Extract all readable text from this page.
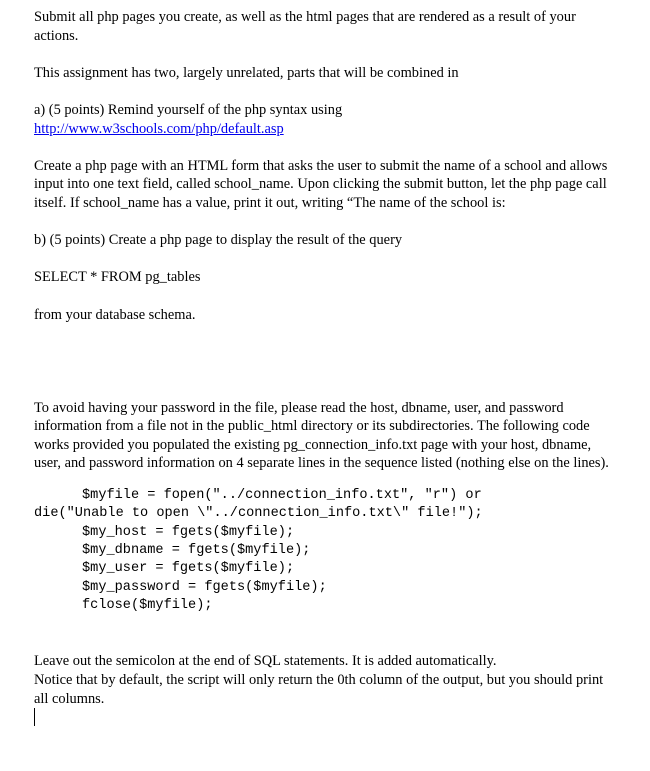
Submit all php pages you create, as well as the html pages that are rendered as a result of your actions.

This assignment has two, largely unrelated, parts that will be combined in

a) (5 points) Remind yourself of the php syntax using
http://www.w3schools.com/php/default.asp

Create a php page with an HTML form that asks the user to submit the name of a school and allows input into one text field, called school_name. Upon clicking the submit button, let the php page call itself. If school_name has a value, print it out, writing “The name of the school is:

b) (5 points) Create a php page to display the result of the query

SELECT * FROM pg_tables

from your database schema.

To avoid having your password in the file, please read the host, dbname, user, and password information from a file not in the public_html directory or its subdirectories. The following code works provided you populated the existing pg_connection_info.txt page with your host, dbname, user, and password information on 4 separate lines in the sequence listed (nothing else on the lines).

$myfile = fopen("../connection_info.txt", "r") or
die("Unable to open \"../connection_info.txt\" file!");
$my_host = fgets($myfile);
$my_dbname = fgets($myfile);
$my_user = fgets($myfile);
$my_password = fgets($myfile);
fclose($myfile);

Leave out the semicolon at the end of SQL statements. It is added automatically.

Notice that by default, the script will only return the 0th column of the output, but you should print all columns.
